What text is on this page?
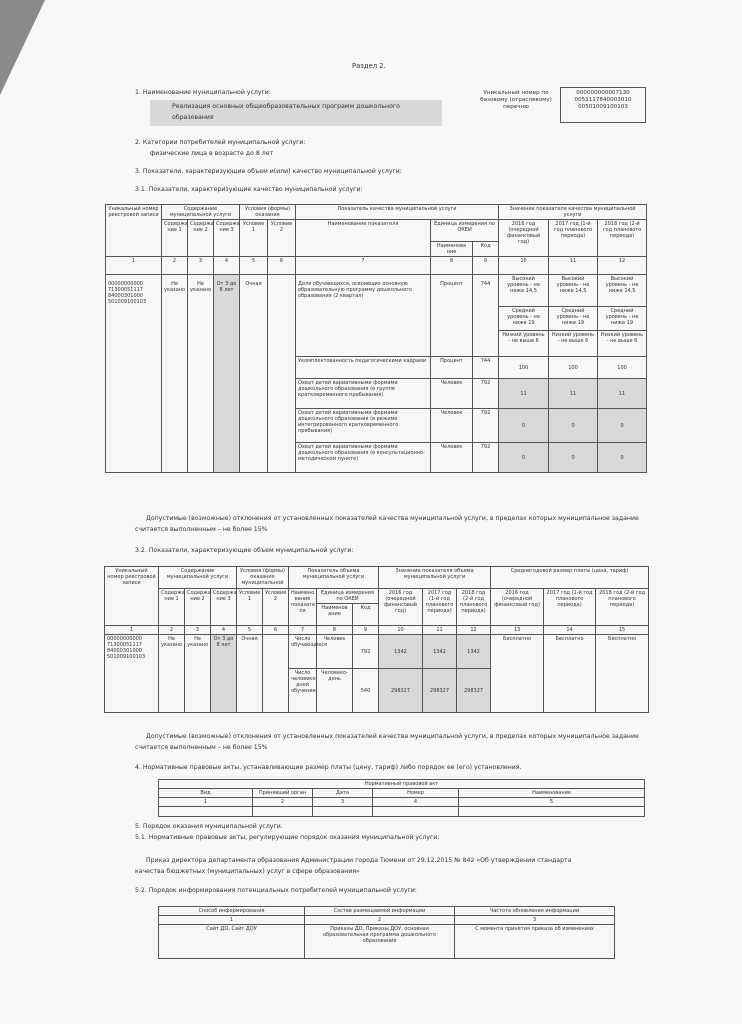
Раздел 2.
1. Наименование муниципальной услуги:
Реализация основных общеобразовательных программ дошкольного
образования
Уникальный номер по
базовому (отраслевому)
перечню
000000000007130
0051117840003010
00501009100103
2. Категории потребителей муниципальной услуги:
физические лица в возрасте до 8 лет
3. Показатели, характеризующие объем и(или) качество муниципальной услуги:
3.1. Показатели, характеризующие качество муниципальной услуги:
Уникальный номер реестровой записи	Содержание муниципальной услуги			Условия (формы) оказания		Показатель качества муниципальной услуги			Значение показателя качества муниципальной услуги		
	Содержа ние 1	Содержа ние 2	Содержа ние 3	Условие 1	Условие 2	Наименование показателя	Единица измерения по ОКЕИ		2016 год (очередной финансовый год)	2017 год (1-й год планового периода)	2018 год (2-й год планового периода)
							Наименова ние	Код			
1	2	3	4	5	6	7	8	9	10	11	12
00000000000 71300051117 84000301000 501009100103	Не указано	Не указано	От 3 до 8 лет	Очная		Доля обучающихся, освоивших основную образовательную программу дошкольного образования (2 квартал)	Процент	744	Высокий уровень - не ниже 14,5	Высокий уровень - не ниже 14,5	Высокий уровень - не ниже 14,5
									Средний уровень - не ниже 19	Средний уровень - не ниже 19	Средний уровень - не ниже 19
									Низкий уровень - не выше 6	Низкий уровень - не выше 6	Низкий уровень - не выше 6
						Укомплектованность педагогическими кадрами	Процент	744	100	100	100
						Охват детей вариативными формами дошкольного образования (в группе кратковременного пребывания)	Человек	792	11	11	11
						Охват детей вариативными формами дошкольного образования (в режиме интегрированного кратковременного пребывания)	Человек	792	0	0	0
						Охват детей вариативными формами дошкольного образования (в консультационно-методическом пункте)	Человек	792	0	0	0
Допустимые (возможные) отклонения от установленных показателей качества муниципальной услуги, в пределах которых муниципальное задание
считается выполненным – не более 15%
3.2. Показатели, характеризующие объем муниципальной услуги:
Уникальный номер реестровой записи	Содержание муниципальной услуги			Условия (формы) оказания муниципальной		Показатель объема муниципальной услуги			Значение показателя объема муниципальной услуги			Среднегодовой размер платы (цена, тариф)		
	Содержа ние 1	Содержа ние 2	Содержа ние 3	Условие 1	Условие 2	Наимено вание показате ля	Единица измерения по ОКЕИ		2016 год (очередной финансовый год)	2017 год (1-й год планового периода)	2018 год (2-й год планового периода)	2016 год (очередной финансовый год)	2017 год (1-й год планового периода)	2018 год (2-й год планового периода)
							Наименов ание	Код						
1	2	3	4	5	6	7	8	9	10	11	12	13	14	15
00000000000 71300051117 84000301000 501009100103	Не указано	Не указано	От 3 до 8 лет	Очная		Число обучающихся	Человек	792	1342	1342	1342	Бесплатно	Бесплатно	Бесплатно
						Число человеко-дней обучения	Человеко-день	540	298327	298327	298327			
Допустимые (возможные) отклонения от установленных показателей качества муниципальной услуги, в пределах которых муниципальное задание
считается выполненным – не более 15%
4. Нормативные правовые акты, устанавливающие размер платы (цену, тариф) либо порядок ее (его) установления.
Нормативный правовой акт				
Вид	Принявший орган	Дата	Номер	Наименование
1	2	3	4	5

5. Порядок оказания муниципальной услуги.
5.1. Нормативные правовые акты, регулирующие порядок оказания муниципальной услуги:
Приказ директора департамента образования Администрации города Тюмени от 29.12.2015 № 842 «Об утверждении стандарта
качества бюджетных (муниципальных) услуг в сфере образования»
5.2. Порядок информирования потенциальных потребителей муниципальной услуги:
Способ информирования	Состав размещаемой информации	Частота обновления информации
1	2	3
Сайт ДО, Сайт ДОУ	Приказы ДО, Приказы ДОУ, основная образовательная программа дошкольного образования	С момента принятия приказа об изменениях
